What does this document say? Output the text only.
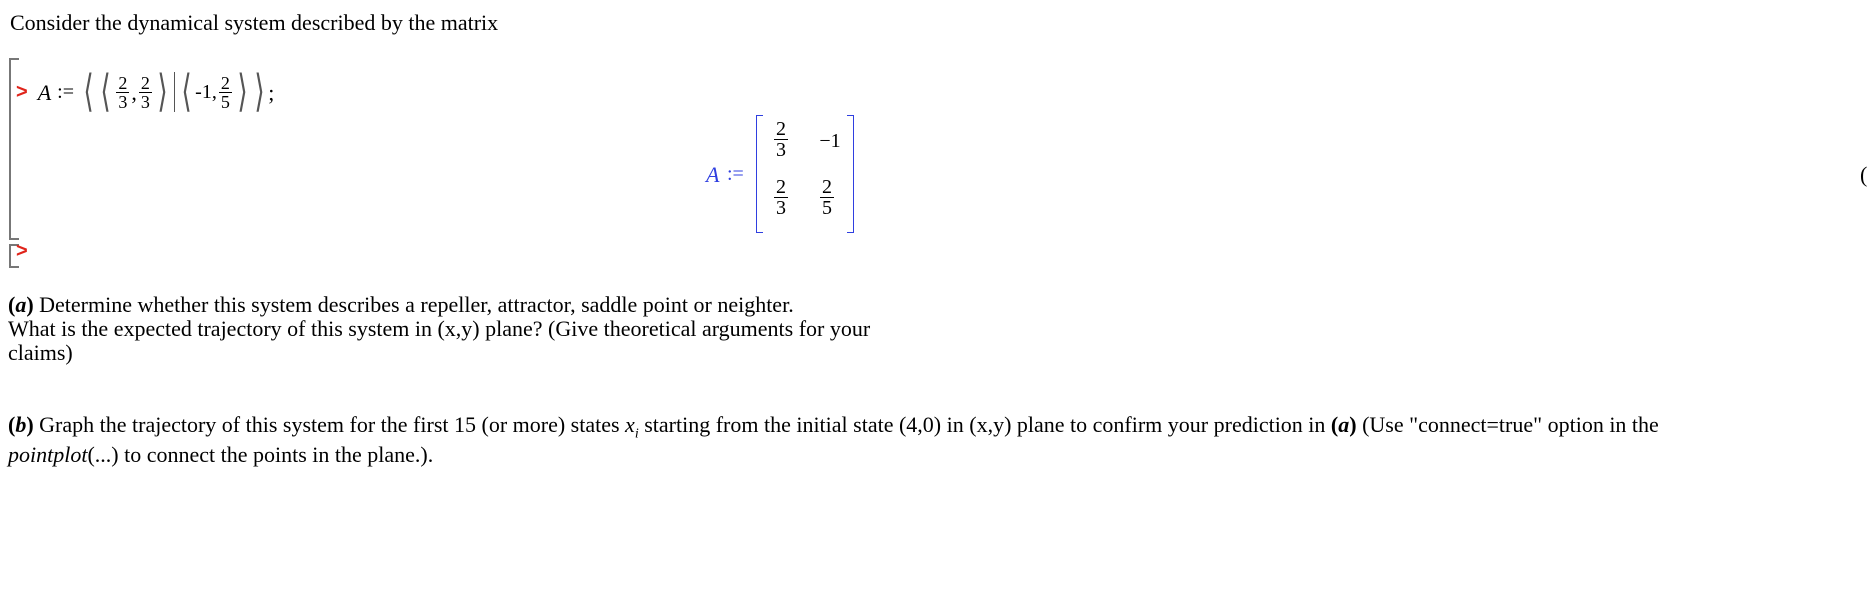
Consider the dynamical system described by the matrix
> A := ⟨ ⟨ $\frac{2}{3}$ , $\frac{2}{3}$ ⟩ ⟨ -1, $\frac{2}{5}$ ⟩ ⟩ ;
A :=
$\frac{2}{3}$	−1
$\frac{2}{3} \frac{2}{5}$
(
>
(a) Determine whether this system describes a repeller, attractor, saddle point or neighter.
What is the expected trajectory of this system in (x,y) plane? (Give theoretical arguments for your
claims)
(b) Graph the trajectory of this system for the first 15 (or more) states $x_i$ starting from the initial state (4,0) in (x,y) plane to confirm your prediction in (a) (Use "connect=true" option in the
pointplot(...) to connect the points in the plane.).
